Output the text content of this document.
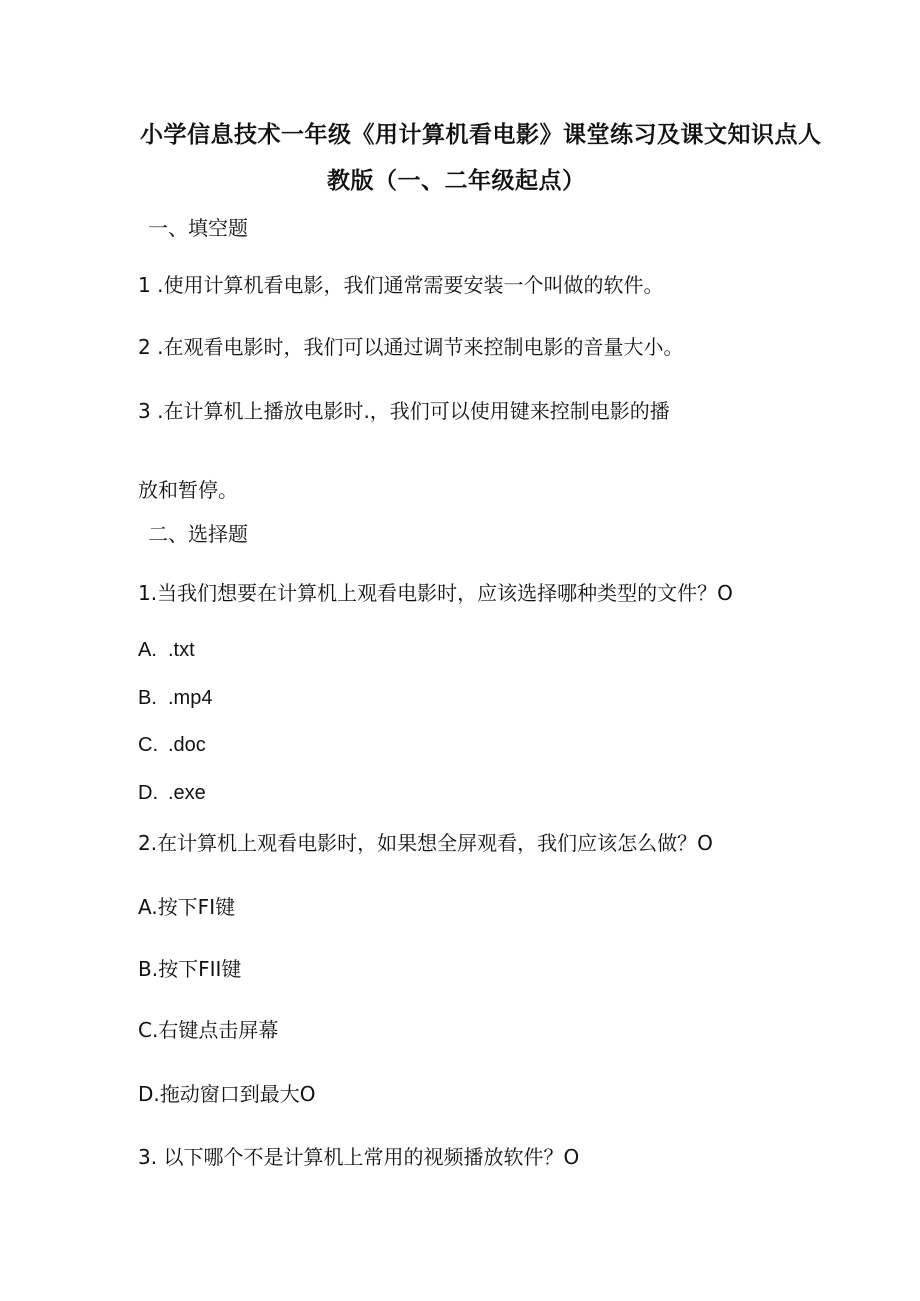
小学信息技术一年级《用计算机看电影》课堂练习及课文知识点人
教版（一、二年级起点）
一、填空题
1 .使用计算机看电影，我们通常需要安装一个叫做的软件。
2 .在观看电影时，我们可以通过调节来控制电影的音量大小。
3 .在计算机上播放电影时.，我们可以使用键来控制电影的播
放和暂停。
二、选择题
1.当我们想要在计算机上观看电影时，应该选择哪种类型的文件？O
A. .txt
B. .mp4
C. .doc
D. .exe
2.在计算机上观看电影时，如果想全屏观看，我们应该怎么做？O
A.按下FI键
B.按下FII键
C.右键点击屏幕
D.拖动窗口到最大O
3. 以下哪个不是计算机上常用的视频播放软件？O
